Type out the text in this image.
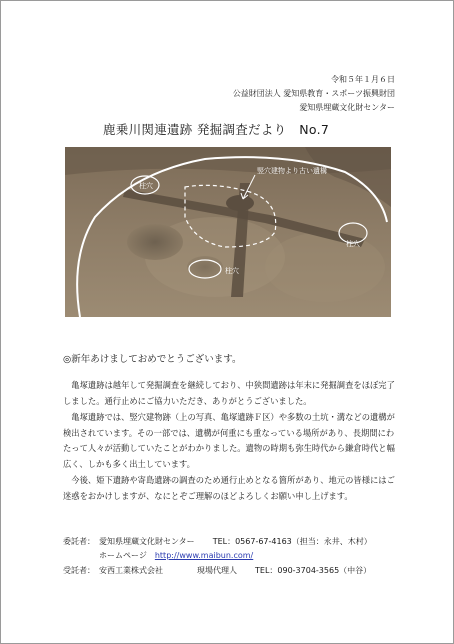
令和５年１月６日
公益財団法人 愛知県教育・スポーツ振興財団
愛知県埋蔵文化財センター
鹿乗川関連遺跡 発掘調査だより　No.7
柱穴
柱穴
柱穴
竪穴建物より古い遺構
◎新年あけましておめでとうございます。

亀塚遺跡は越年して発掘調査を継続しており、中狭間遺跡は年末に発掘調査をほぼ完了しました。通行止めにご協力いただき、ありがとうございました。

亀塚遺跡では、竪穴建物跡（上の写真、亀塚遺跡Ｆ区）や多数の土坑・溝などの遺構が検出されています。その一部では、遺構が何重にも重なっている場所があり、長期間にわたって人々が活動していたことがわかりました。遺物の時期も弥生時代から鎌倉時代と幅広く、しかも多く出土しています。

今後、姫下遺跡や寄島遺跡の調査のため通行止めとなる箇所があり、地元の皆様にはご迷惑をおかけしますが、なにとぞご理解のほどよろしくお願い申し上げます。

委託者： 愛知県埋蔵文化財センター TEL：0567-67-4163（担当：永井、木村）
ホームページ http://www.maibun.com/
受託者： 安西工業株式会社	現場代理人 TEL：090-3704-3565（中谷）
